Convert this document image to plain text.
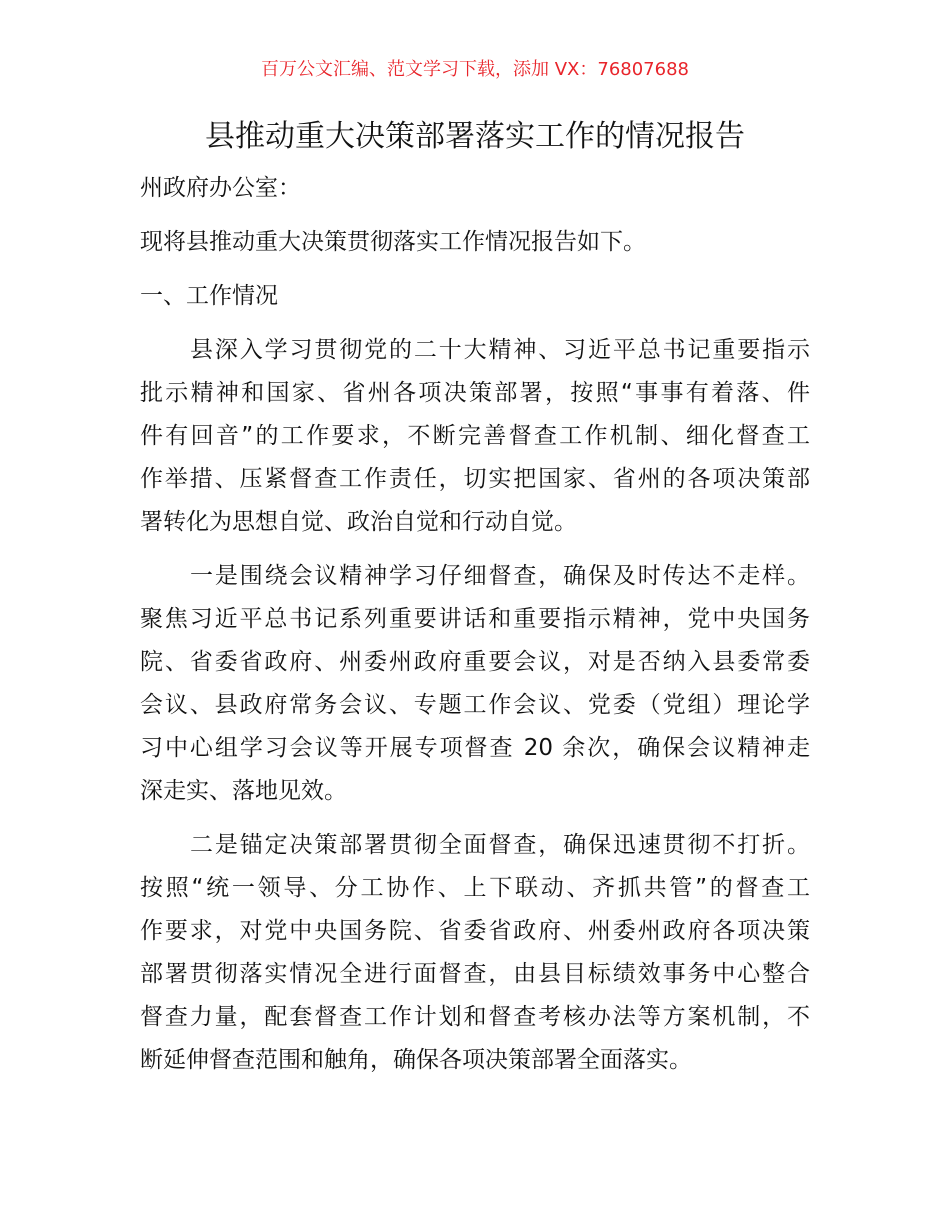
百万公文汇编、范文学习下载，添加 VX：76807688
县推动重大决策部署落实工作的情况报告
州政府办公室：
现将县推动重大决策贯彻落实工作情况报告如下。
一、工作情况
县深入学习贯彻党的二十大精神、习近平总书记重要指示
批示精神和国家、省州各项决策部署，按照“事事有着落、件
件有回音”的工作要求，不断完善督查工作机制、细化督查工
作举措、压紧督查工作责任，切实把国家、省州的各项决策部
署转化为思想自觉、政治自觉和行动自觉。
一是围绕会议精神学习仔细督查，确保及时传达不走样。
聚焦习近平总书记系列重要讲话和重要指示精神，党中央国务
院、省委省政府、州委州政府重要会议，对是否纳入县委常委
会议、县政府常务会议、专题工作会议、党委（党组）理论学
习中心组学习会议等开展专项督查 20 余次，确保会议精神走
深走实、落地见效。
二是锚定决策部署贯彻全面督查，确保迅速贯彻不打折。
按照“统一领导、分工协作、上下联动、齐抓共管”的督查工
作要求，对党中央国务院、省委省政府、州委州政府各项决策
部署贯彻落实情况全进行面督查，由县目标绩效事务中心整合
督查力量，配套督查工作计划和督查考核办法等方案机制，不
断延伸督查范围和触角，确保各项决策部署全面落实。
